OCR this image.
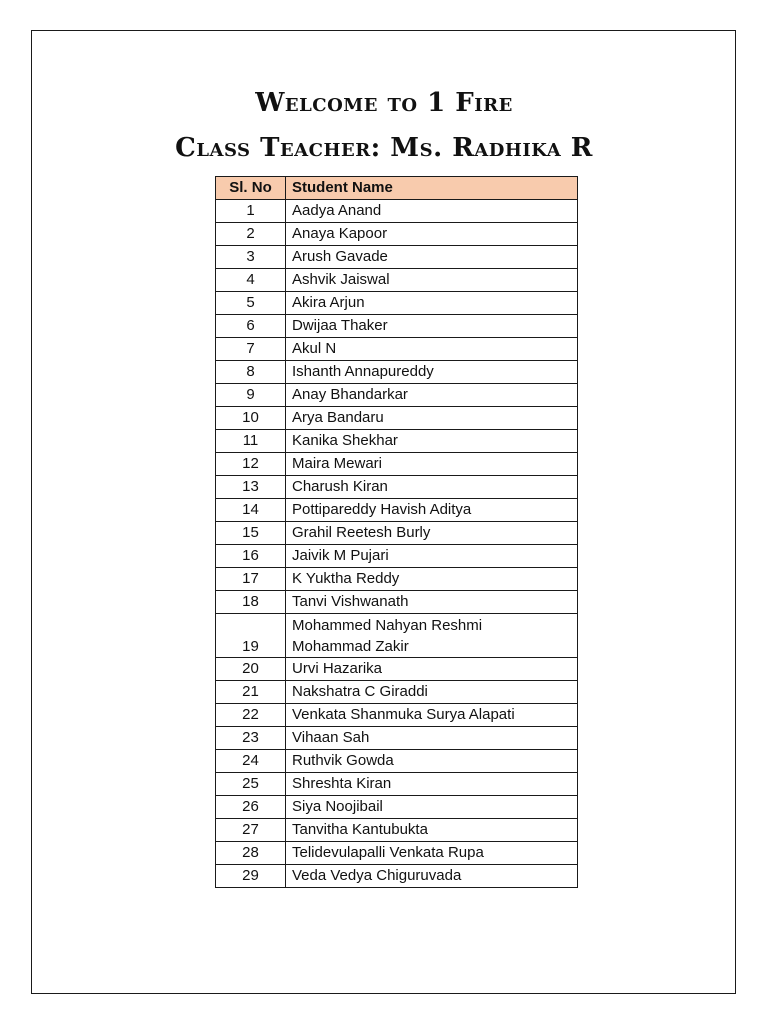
Welcome to 1 Fire
Class Teacher: Ms. Radhika R
Sl. No	Student Name
1	Aadya Anand
2	Anaya Kapoor
3	Arush Gavade
4	Ashvik Jaiswal
5	Akira Arjun
6	Dwijaa Thaker
7	Akul N
8	Ishanth Annapureddy
9	Anay Bhandarkar
10	Arya Bandaru
11	Kanika Shekhar
12	Maira Mewari
13	Charush Kiran
14	Pottipareddy Havish Aditya
15	Grahil Reetesh Burly
16	Jaivik M Pujari
17	K Yuktha Reddy
18	Tanvi Vishwanath
19	Mohammed Nahyan Reshmi
Mohammad Zakir

20	Urvi Hazarika
21	Nakshatra C Giraddi
22	Venkata Shanmuka Surya Alapati
23	Vihaan Sah
24	Ruthvik Gowda
25	Shreshta Kiran
26	Siya Noojibail
27	Tanvitha Kantubukta
28	Telidevulapalli Venkata Rupa
29	Veda Vedya Chiguruvada
